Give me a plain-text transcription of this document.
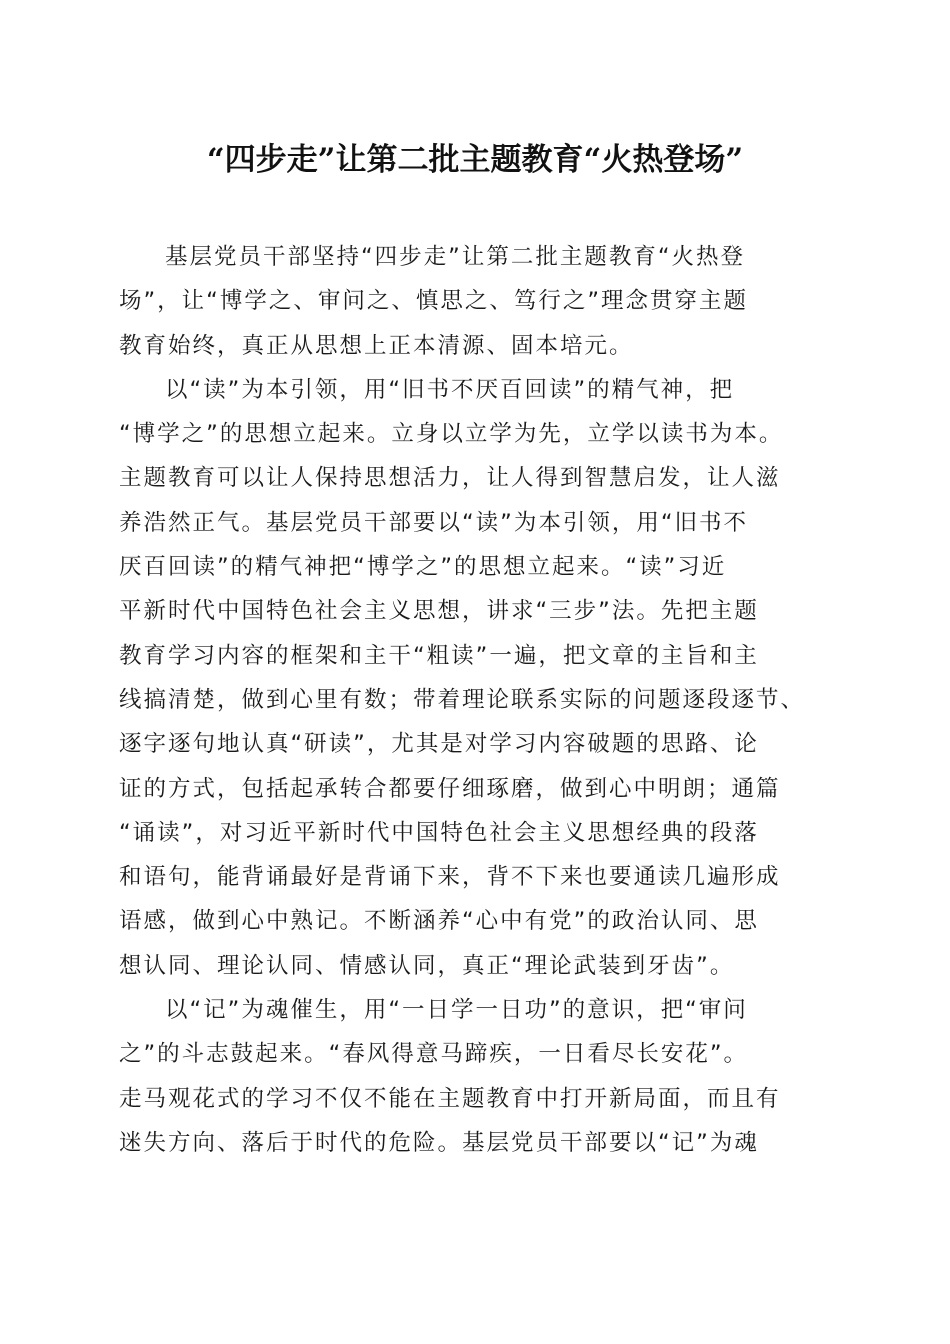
“四步走”让第二批主题教育“火热登场”
基层党员干部坚持“四步走”让第二批主题教育“火热登
场”，让“博学之、审问之、慎思之、笃行之”理念贯穿主题
教育始终，真正从思想上正本清源、固本培元。
以“读”为本引领，用“旧书不厌百回读”的精气神，把
“博学之”的思想立起来。立身以立学为先，立学以读书为本。
主题教育可以让人保持思想活力，让人得到智慧启发，让人滋
养浩然正气。基层党员干部要以“读”为本引领，用“旧书不
厌百回读”的精气神把“博学之”的思想立起来。“读”习近
平新时代中国特色社会主义思想，讲求“三步”法。先把主题
教育学习内容的框架和主干“粗读”一遍，把文章的主旨和主
线搞清楚，做到心里有数；带着理论联系实际的问题逐段逐节、
逐字逐句地认真“研读”，尤其是对学习内容破题的思路、论
证的方式，包括起承转合都要仔细琢磨，做到心中明朗；通篇
“诵读”，对习近平新时代中国特色社会主义思想经典的段落
和语句，能背诵最好是背诵下来，背不下来也要通读几遍形成
语感，做到心中熟记。不断涵养“心中有党”的政治认同、思
想认同、理论认同、情感认同，真正“理论武装到牙齿”。
以“记”为魂催生，用“一日学一日功”的意识，把“审问
之”的斗志鼓起来。“春风得意马蹄疾，一日看尽长安花”。
走马观花式的学习不仅不能在主题教育中打开新局面，而且有
迷失方向、落后于时代的危险。基层党员干部要以“记”为魂
